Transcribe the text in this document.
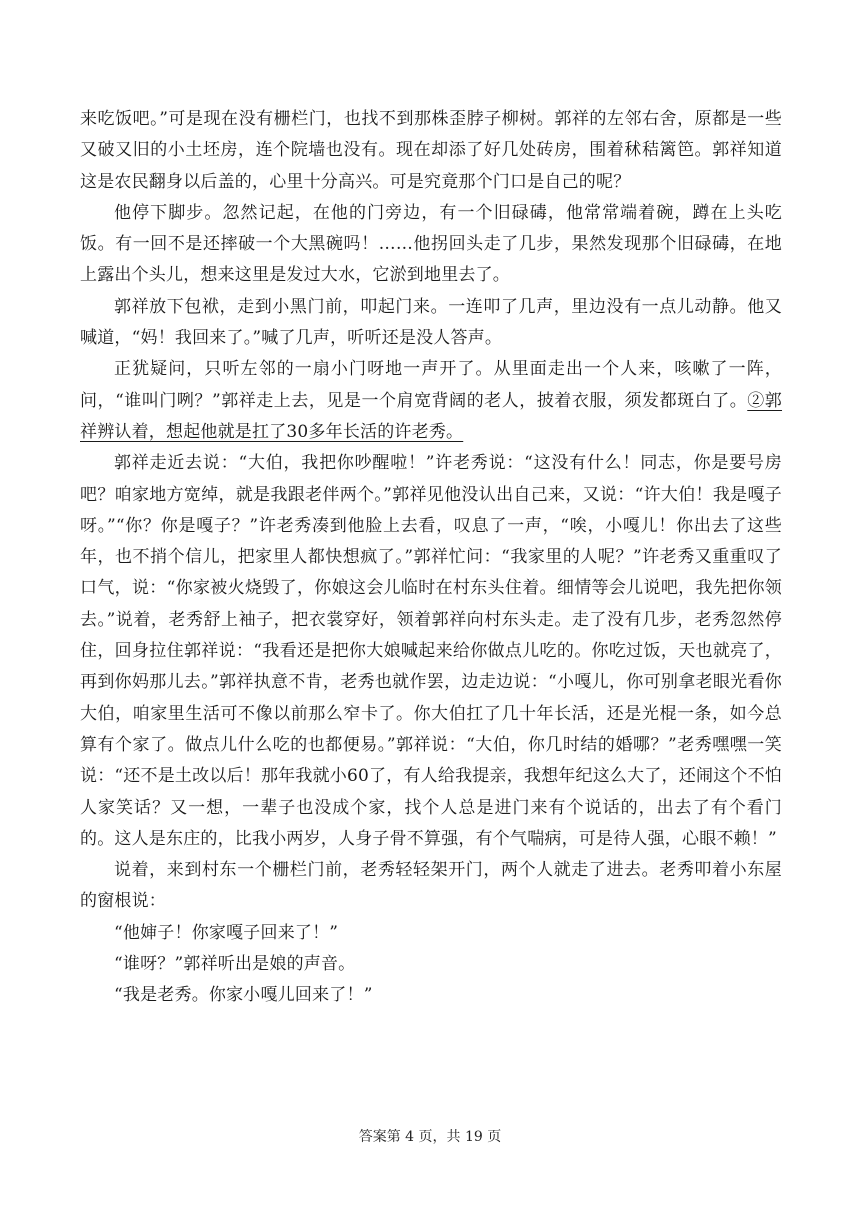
来吃饭吧。”可是现在没有栅栏门，也找不到那株歪脖子柳树。郭祥的左邻右舍，原都是一些又破又旧的小土坯房，连个院墙也没有。现在却添了好几处砖房，围着秫秸篱笆。郭祥知道这是农民翻身以后盖的，心里十分高兴。可是究竟那个门口是自己的呢？

他停下脚步。忽然记起，在他的门旁边，有一个旧碌碡，他常常端着碗，蹲在上头吃饭。有一回不是还摔破一个大黑碗吗！……他拐回头走了几步，果然发现那个旧碌碡，在地上露出个头儿，想来这里是发过大水，它淤到地里去了。

郭祥放下包袱，走到小黑门前，叩起门来。一连叩了几声，里边没有一点儿动静。他又喊道，“妈！我回来了。”喊了几声，听听还是没人答声。

正犹疑问，只听左邻的一扇小门呀地一声开了。从里面走出一个人来，咳嗽了一阵，问，“谁叫门咧？”郭祥走上去，见是一个肩宽背阔的老人，披着衣服，须发都斑白了。②郭祥辨认着，想起他就是扛了30多年长活的许老秀。

郭祥走近去说：“大伯，我把你吵醒啦！”许老秀说：“这没有什么！同志，你是要号房吧？咱家地方宽绰，就是我跟老伴两个。”郭祥见他没认出自己来，又说：“许大伯！我是嘎子呀。”“你？你是嘎子？”许老秀凑到他脸上去看，叹息了一声，“唉，小嘎儿！你出去了这些年，也不捎个信儿，把家里人都快想疯了。”郭祥忙问：“我家里的人呢？”许老秀又重重叹了口气，说：“你家被火烧毁了，你娘这会儿临时在村东头住着。细情等会儿说吧，我先把你领去。”说着，老秀舒上袖子，把衣裳穿好，领着郭祥向村东头走。走了没有几步，老秀忽然停住，回身拉住郭祥说：“我看还是把你大娘喊起来给你做点儿吃的。你吃过饭，天也就亮了，再到你妈那儿去。”郭祥执意不肯，老秀也就作罢，边走边说：“小嘎儿，你可别拿老眼光看你大伯，咱家里生活可不像以前那么窄卡了。你大伯扛了几十年长活，还是光棍一条，如今总算有个家了。做点儿什么吃的也都便易。”郭祥说：“大伯，你几时结的婚哪？”老秀嘿嘿一笑说：“还不是土改以后！那年我就小60了，有人给我提亲，我想年纪这么大了，还闹这个不怕人家笑话？又一想，一辈子也没成个家，找个人总是进门来有个说话的，出去了有个看门的。这人是东庄的，比我小两岁，人身子骨不算强，有个气喘病，可是待人强，心眼不赖！”

说着，来到村东一个栅栏门前，老秀轻轻架开门，两个人就走了进去。老秀叩着小东屋的窗根说：

“他婶子！你家嘎子回来了！”

“谁呀？”郭祥听出是娘的声音。

“我是老秀。你家小嘎儿回来了！”

答案第 4 页，共 19 页
